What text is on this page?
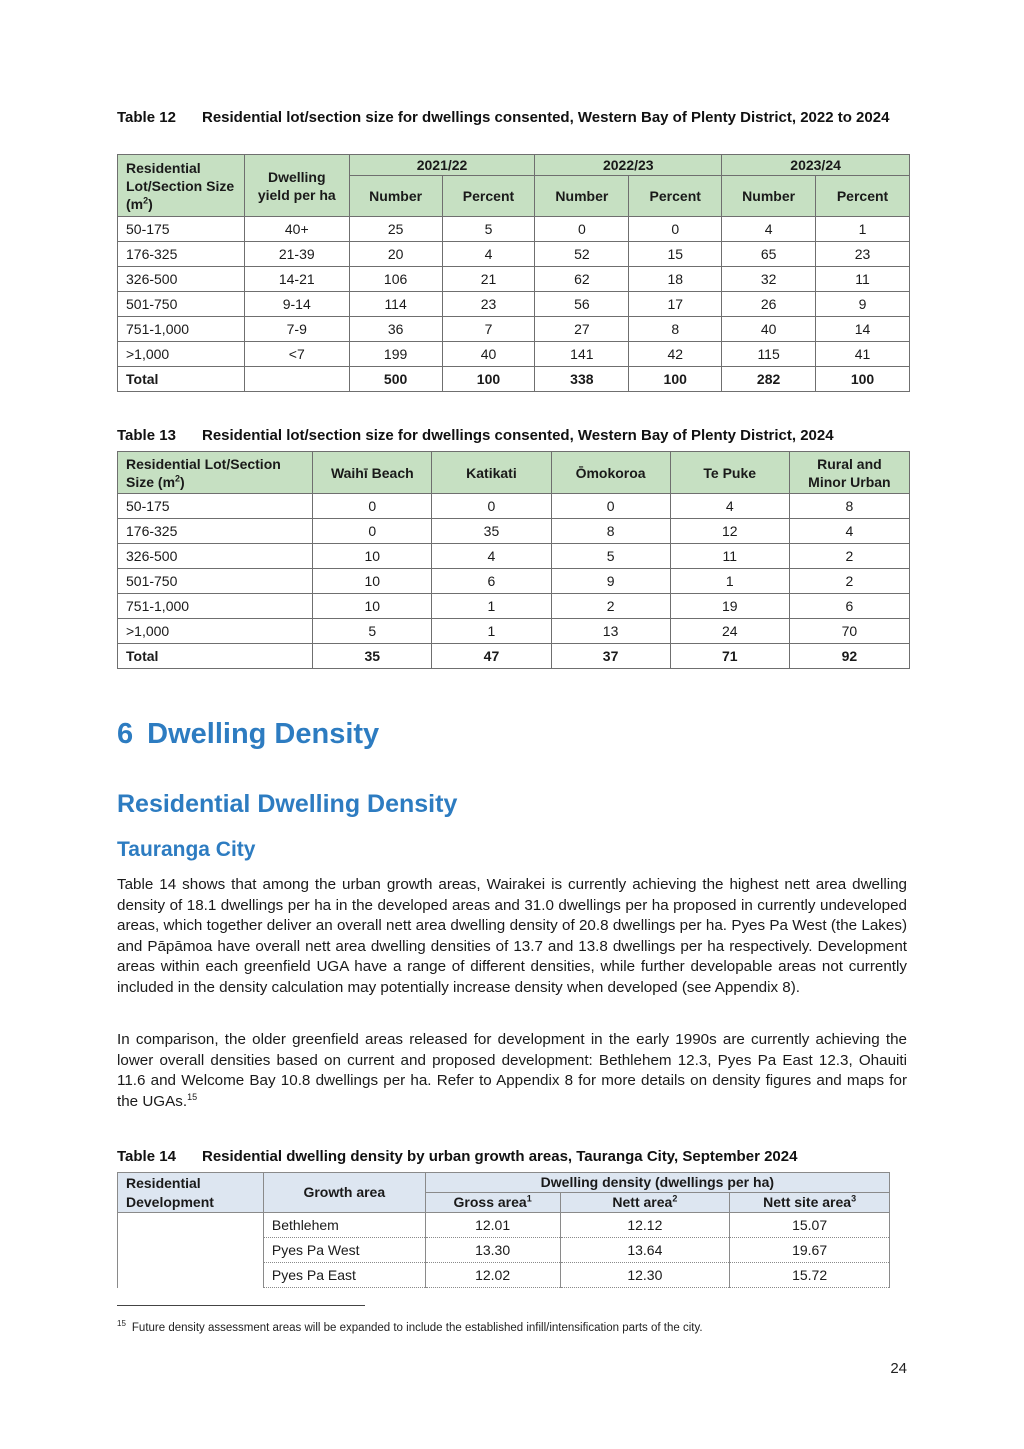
Table 12 Residential lot/section size for dwellings consented, Western Bay of Plenty District, 2022 to 2024
Residential Lot/Section Size $(m^2)$	Dwelling yield per ha	2021/22		2022/23		2023/24	
		Number	Percent	Number	Percent	Number	Percent
50-175	40+	25	5	0	0	4	1
176-325	21-39	20	4	52	15	65	23
326-500	14-21	106	21	62	18	32	11
501-750	9-14	114	23	56	17	26	9
751-1,000	7-9	36	7	27	8	40	14
>1,000	<7	199	40	141	42	115	41
Total		500	100	338	100	282	100
Table 13 Residential lot/section size for dwellings consented, Western Bay of Plenty District, 2024
Residential Lot/Section Size $(m^2)$	Waihī Beach	Katikati	Ōmokoroa	Te Puke	Rural and Minor Urban
50-175	0	0	0	4	8
176-325	0	35	8	12	4
326-500	10	4	5	11	2
501-750	10	6	9	1	2
751-1,000	10	1	2	19	6
>1,000	5	1	13	24	70
Total	35	47	37	71	92
6 Dwelling Density
Residential Dwelling Density
Tauranga City
Table 14 shows that among the urban growth areas, Wairakei is currently achieving the highest nett area dwelling density of 18.1 dwellings per ha in the developed areas and 31.0 dwellings per ha proposed in currently undeveloped areas, which together deliver an overall nett area dwelling density of 20.8 dwellings per ha. Pyes Pa West (the Lakes) and Pāpāmoa have overall nett area dwelling densities of 13.7 and 13.8 dwellings per ha respectively. Development areas within each greenfield UGA have a range of different densities, while further developable areas not currently included in the density calculation may potentially increase density when developed (see Appendix 8).
In comparison, the older greenfield areas released for development in the early 1990s are currently achieving the lower overall densities based on current and proposed development: Bethlehem 12.3, Pyes Pa East 12.3, Ohauiti 11.6 and Welcome Bay 10.8 dwellings per ha. Refer to Appendix 8 for more details on density figures and maps for the UGAs.$^{15}$
Table 14 Residential dwelling density by urban growth areas, Tauranga City, September 2024
Residential Development	Growth area	Dwelling density (dwellings per ha)		
		Gross area$^1$	Nett area$^2$	Nett site area$^3$
	Bethlehem	12.01	12.12	15.07
	Pyes Pa West	13.30	13.64	19.67
	Pyes Pa East	12.02	12.30	15.72
$^{15}$ Future density assessment areas will be expanded to include the established infill/intensification parts of the city.
24
